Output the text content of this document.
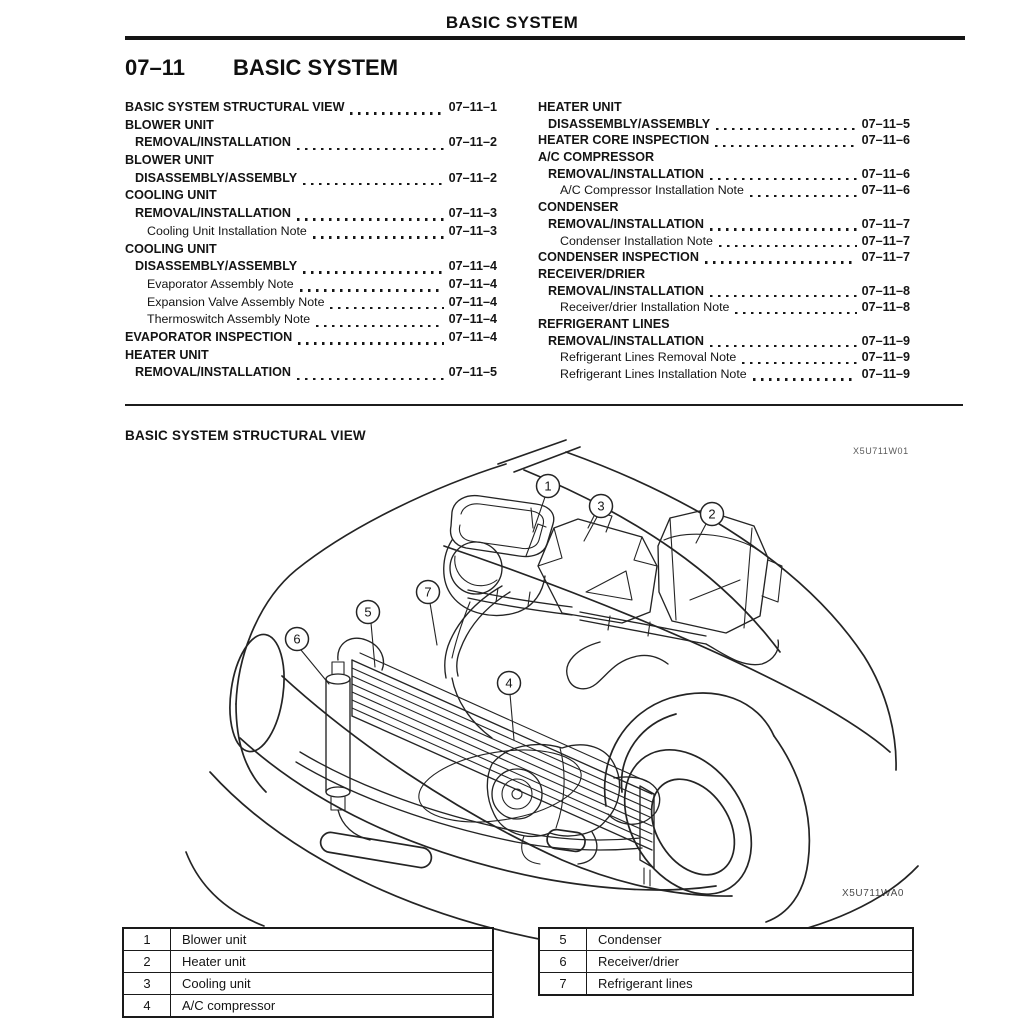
BASIC SYSTEM
07–11 BASIC SYSTEM
BASIC SYSTEM STRUCTURAL VIEW	07–11–1
BLOWER UNIT
REMOVAL/INSTALLATION	07–11–2
BLOWER UNIT
DISASSEMBLY/ASSEMBLY	07–11–2
COOLING UNIT
REMOVAL/INSTALLATION	07–11–3
Cooling Unit Installation Note	07–11–3
COOLING UNIT
DISASSEMBLY/ASSEMBLY	07–11–4
Evaporator Assembly Note	07–11–4
Expansion Valve Assembly Note	07–11–4
Thermoswitch Assembly Note	07–11–4
EVAPORATOR INSPECTION	07–11–4
HEATER UNIT
REMOVAL/INSTALLATION	07–11–5
HEATER UNIT
DISASSEMBLY/ASSEMBLY	07–11–5
HEATER CORE INSPECTION	07–11–6
A/C COMPRESSOR
REMOVAL/INSTALLATION	07–11–6
A/C Compressor Installation Note	07–11–6
CONDENSER
REMOVAL/INSTALLATION	07–11–7
Condenser Installation Note	07–11–7
CONDENSER INSPECTION	07–11–7
RECEIVER/DRIER
REMOVAL/INSTALLATION	07–11–8
Receiver/drier Installation Note	07–11–8
REFRIGERANT LINES
REMOVAL/INSTALLATION	07–11–9
Refrigerant Lines Removal Note	07–11–9
Refrigerant Lines Installation Note	07–11–9
BASIC SYSTEM STRUCTURAL VIEW
X5U711W01
X5U711WA0
1
3
2
7
5
6
4
1	Blower unit
2	Heater unit
3	Cooling unit
4	A/C compressor
5	Condenser
6	Receiver/drier
7	Refrigerant lines
